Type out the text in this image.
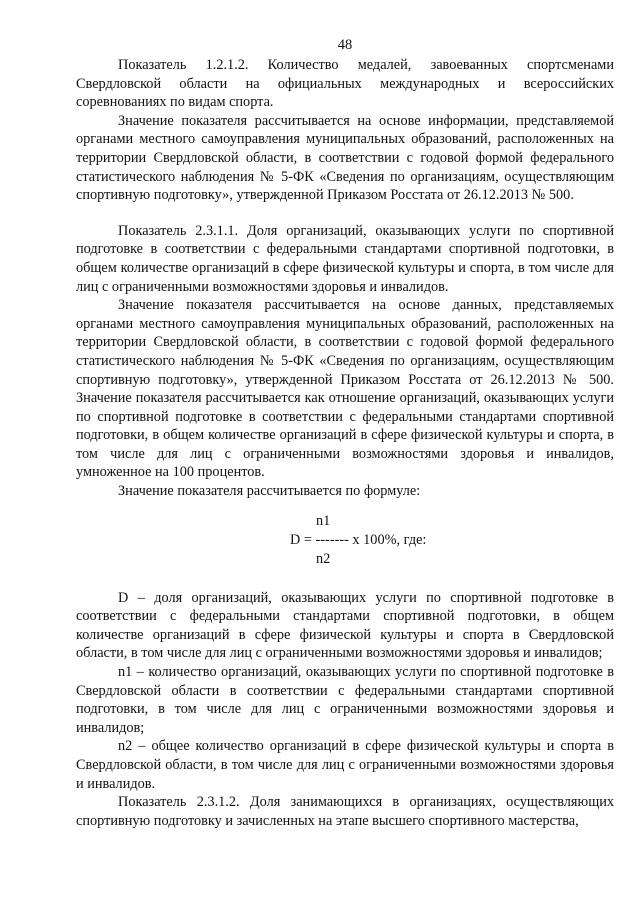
48

Показатель 1.2.1.2. Количество медалей, завоеванных спортсменами Свердловской области на официальных международных и всероссийских соревнованиях по видам спорта.

Значение показателя рассчитывается на основе информации, представляемой органами местного самоуправления муниципальных образований, расположенных на территории Свердловской области, в соответствии с годовой формой федерального статистического наблюдения № 5-ФК «Сведения по организациям, осуществляющим спортивную подготовку», утвержденной Приказом Росстата от 26.12.2013 № 500.

Показатель 2.3.1.1. Доля организаций, оказывающих услуги по спортивной подготовке в соответствии с федеральными стандартами спортивной подготовки, в общем количестве организаций в сфере физической культуры и спорта, в том числе для лиц с ограниченными возможностями здоровья и инвалидов.

Значение показателя рассчитывается на основе данных, представляемых органами местного самоуправления муниципальных образований, расположенных на территории Свердловской области, в соответствии с годовой формой федерального статистического наблюдения № 5-ФК «Сведения по организациям, осуществляющим спортивную подготовку», утвержденной Приказом Росстата от 26.12.2013 № 500. Значение показателя рассчитывается как отношение организаций, оказывающих услуги по спортивной подготовке в соответствии с федеральными стандартами спортивной подготовки, в общем количестве организаций в сфере физической культуры и спорта, в том числе для лиц с ограниченными возможностями здоровья и инвалидов, умноженное на 100 процентов.

Значение показателя рассчитывается по формуле:

n1
D = ------- х 100%, где:
n2

D – доля организаций, оказывающих услуги по спортивной подготовке в соответствии с федеральными стандартами спортивной подготовки, в общем количестве организаций в сфере физической культуры и спорта в Свердловской области, в том числе для лиц с ограниченными возможностями здоровья и инвалидов;

n1 – количество организаций, оказывающих услуги по спортивной подготовке в Свердловской области в соответствии с федеральными стандартами спортивной подготовки, в том числе для лиц с ограниченными возможностями здоровья и инвалидов;

n2 – общее количество организаций в сфере физической культуры и спорта в Свердловской области, в том числе для лиц с ограниченными возможностями здоровья и инвалидов.

Показатель 2.3.1.2. Доля занимающихся в организациях, осуществляющих спортивную подготовку и зачисленных на этапе высшего спортивного мастерства,
